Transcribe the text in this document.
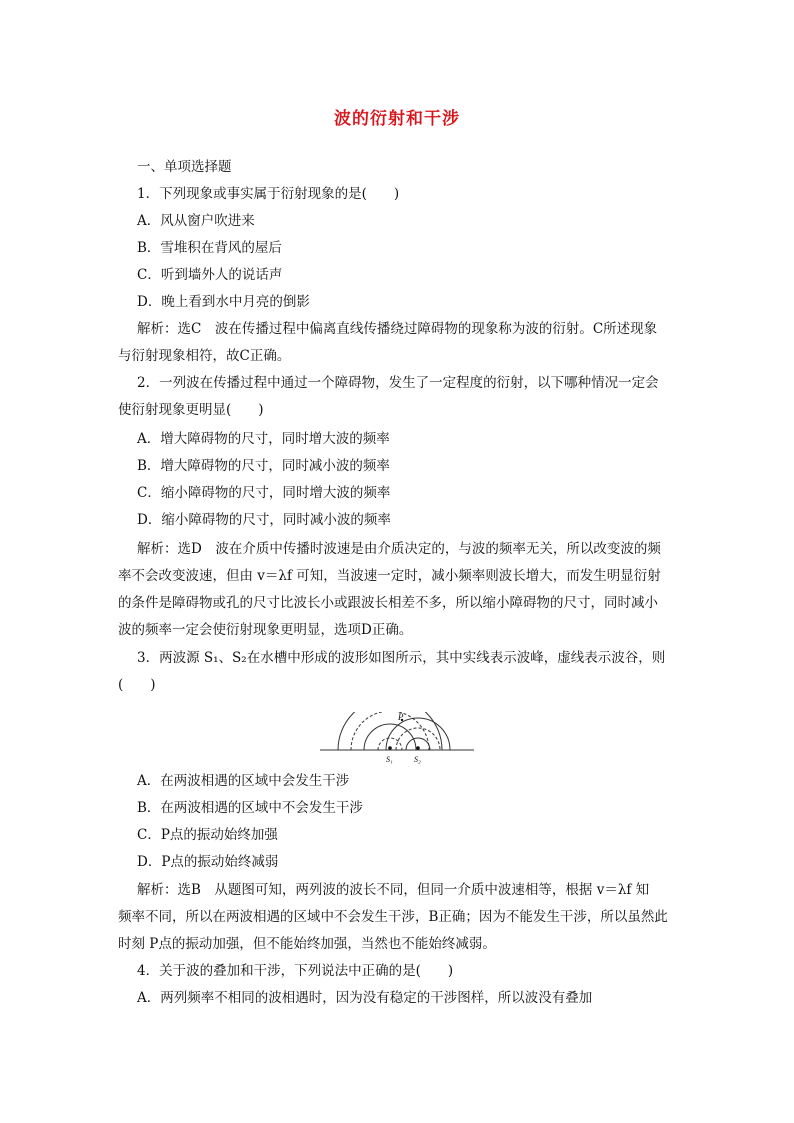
波的衍射和干涉
一、单项选择题
1．下列现象或事实属于衍射现象的是(　　)
A．风从窗户吹进来
B．雪堆积在背风的屋后
C．听到墙外人的说话声
D．晚上看到水中月亮的倒影
解析：选C　波在传播过程中偏离直线传播绕过障碍物的现象称为波的衍射。C所述现象
与衍射现象相符，故C正确。
2．一列波在传播过程中通过一个障碍物，发生了一定程度的衍射，以下哪种情况一定会
使衍射现象更明显(　　)
A．增大障碍物的尺寸，同时增大波的频率
B．增大障碍物的尺寸，同时减小波的频率
C．缩小障碍物的尺寸，同时增大波的频率
D．缩小障碍物的尺寸，同时减小波的频率
解析：选D　波在介质中传播时波速是由介质决定的，与波的频率无关，所以改变波的频
率不会改变波速，但由 v＝λf 可知，当波速一定时，减小频率则波长增大，而发生明显衍射
的条件是障碍物或孔的尺寸比波长小或跟波长相差不多，所以缩小障碍物的尺寸，同时减小
波的频率一定会使衍射现象更明显，选项D正确。
3．两波源 S₁、S₂在水槽中形成的波形如图所示，其中实线表示波峰，虚线表示波谷，则
(　　)
P
S₁	S₂
A．在两波相遇的区域中会发生干涉
B．在两波相遇的区域中不会发生干涉
C．P点的振动始终加强
D．P点的振动始终减弱
解析：选B　从题图可知，两列波的波长不同，但同一介质中波速相等，根据 v＝λf 知
频率不同，所以在两波相遇的区域中不会发生干涉，B正确；因为不能发生干涉，所以虽然此
时刻 P点的振动加强，但不能始终加强，当然也不能始终减弱。
4．关于波的叠加和干涉，下列说法中正确的是(　　)
A．两列频率不相同的波相遇时，因为没有稳定的干涉图样，所以波没有叠加
